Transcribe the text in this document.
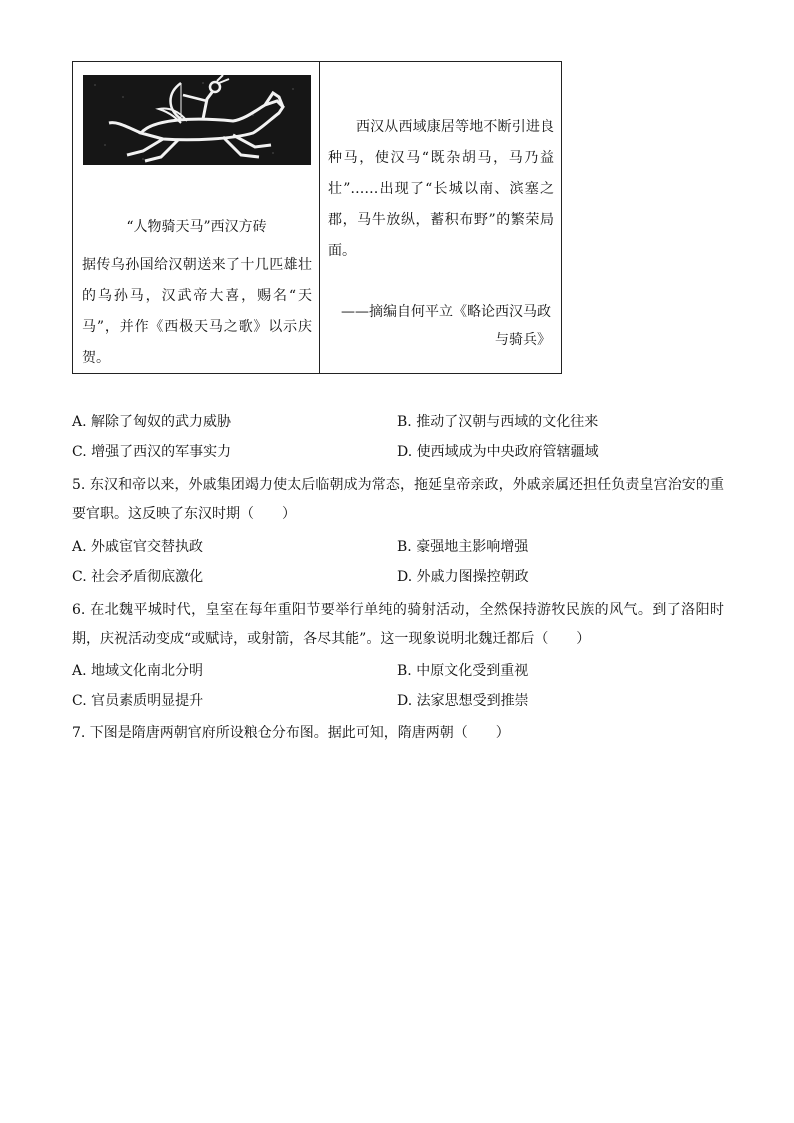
“人物骑天马”西汉方砖
据传乌孙国给汉朝送来了十几匹雄壮的乌孙马，汉武帝大喜，赐名“天马”，并作《西极天马之歌》以示庆贺。
西汉从西域康居等地不断引进良种马，使汉马“既杂胡马，马乃益壮”……出现了“长城以南、滨塞之郡，马牛放纵，蓄积布野”的繁荣局面。
——摘编自何平立《略论西汉马政与骑兵》
A. 解除了匈奴的武力威胁	B. 推动了汉朝与西域的文化往来
C. 增强了西汉的军事实力	D. 使西域成为中央政府管辖疆域
5. 东汉和帝以来，外戚集团竭力使太后临朝成为常态，拖延皇帝亲政，外戚亲属还担任负责皇宫治安的重要官职。这反映了东汉时期（　　）
A. 外戚宦官交替执政	B. 豪强地主影响增强
C. 社会矛盾彻底激化	D. 外戚力图操控朝政
6. 在北魏平城时代，皇室在每年重阳节要举行单纯的骑射活动，全然保持游牧民族的风气。到了洛阳时期，庆祝活动变成“或赋诗，或射箭，各尽其能”。这一现象说明北魏迁都后（　　）
A. 地域文化南北分明	B. 中原文化受到重视
C. 官员素质明显提升	D. 法家思想受到推崇
7. 下图是隋唐两朝官府所设粮仓分布图。据此可知，隋唐两朝（　　）
